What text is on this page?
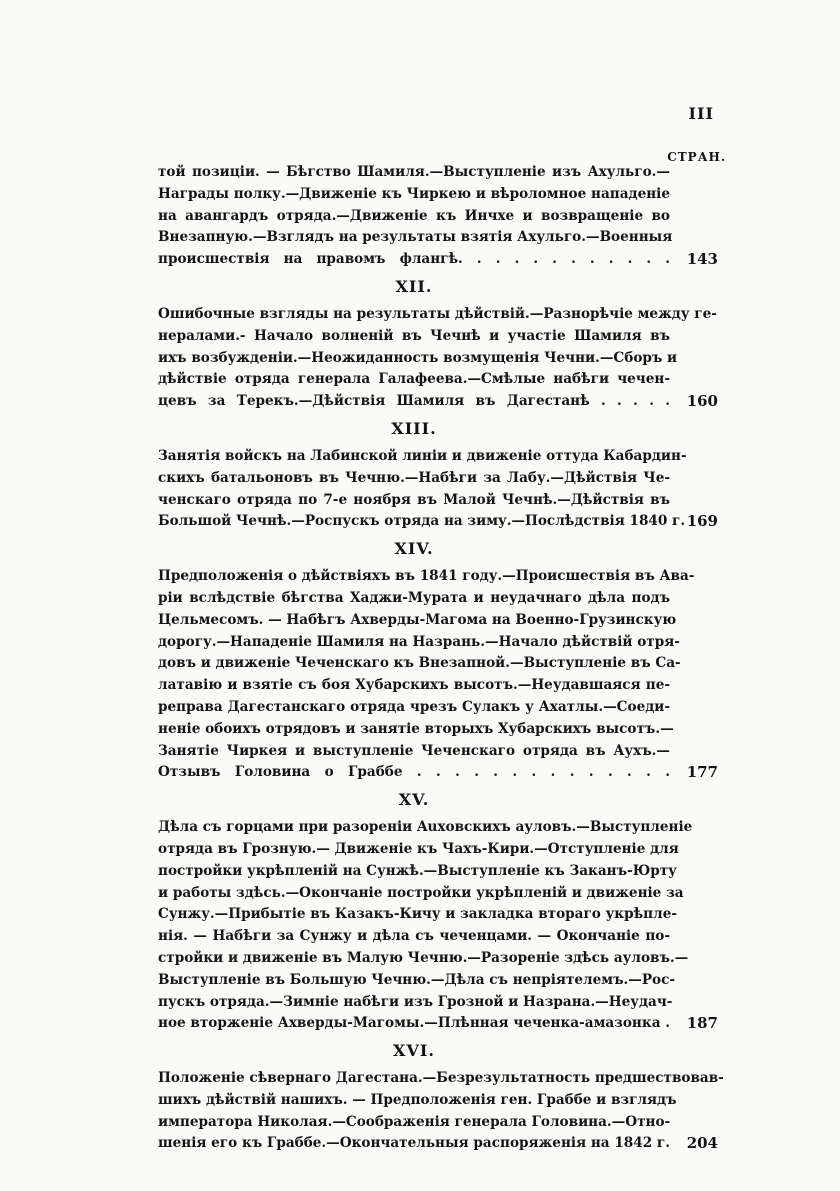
III
СТРАН.
той позиціи. — Бѣгство Шамиля.—Выступленіе изъ Ахульго.—
Награды полку.—Движеніе къ Чиркею и вѣроломное нападеніе
на авангардъ отряда.—Движеніе къ Инчхе и возвращеніе во
Внезапную.—Взглядъ на результаты взятія Ахульго.—Военныя
происшествія на правомъ флангѣ. . . . . . . . . . . . 143
XII.
Ошибочные взгляды на результаты дѣйствій.—Разнорѣчіе между ге-
нералами.- Начало волненій въ Чечнѣ и участіе Шамиля въ
ихъ возбужденіи.—Неожиданность возмущенія Чечни.—Сборъ и
дѣйствіе отряда генерала Галафеева.—Смѣлые набѣги чечен-
цевъ за Терекъ.—Дѣйствія Шамиля въ Дагестанѣ . . . . . 160
XIII.
Занятія войскъ на Лабинской линіи и движеніе оттуда Кабардин-
скихъ батальоновъ въ Чечню.—Набѣги за Лабу.—Дѣйствія Че-
ченскаго отряда по 7-е ноября въ Малой Чечнѣ.—Дѣйствія въ
Большой Чечнѣ.—Роспускъ отряда на зиму.—Послѣдствія 1840 г. 169
XIV.
Предположенія о дѣйствіяхъ въ 1841 году.—Происшествія въ Ава-
ріи вслѣдствіе бѣгства Хаджи-Мурата и неудачнаго дѣла подъ
Цельмесомъ. — Набѣгъ Ахверды-Магома на Военно-Грузинскую
дорогу.—Нападеніе Шамиля на Назрань.—Начало дѣйствій отря-
довъ и движеніе Чеченскаго къ Внезапной.—Выступленіе въ Са-
латавію и взятіе съ боя Хубарскихъ высотъ.—Неудавшаяся пе-
реправа Дагестанскаго отряда чрезъ Сулакъ у Ахатлы.—Соеди-
неніе обоихъ отрядовъ и занятіе вторыхъ Хубарскихъ высотъ.—
Занятіе Чиркея и выступленіе Чеченскаго отряда въ Аухъ.—
Отзывъ Головина о Граббе . . . . . . . . . . . . . . 177
XV.
Дѣла съ горцами при разореніи Auховскихъ ауловъ.—Выступленіе
отряда въ Грозную.— Движеніе къ Чахъ-Кири.—Отступленіе для
постройки укрѣпленій на Сунжѣ.—Выступленіе къ Заканъ-Юрту
и работы здѣсь.—Окончаніе постройки укрѣпленій и движеніе за
Сунжу.—Прибытіе въ Казакъ-Кичу и закладка втораго укрѣпле-
нія. — Набѣги за Сунжу и дѣла съ чеченцами. — Окончаніе по-
стройки и движеніе въ Малую Чечню.—Разореніе здѣсь ауловъ.—
Выступленіе въ Большую Чечню.—Дѣла съ непріятелемъ.—Рос-
пускъ отряда.—Зимніе набѣги изъ Грозной и Назрана.—Неудач-
ное вторженіе Ахверды-Магомы.—Плѣнная чеченка-амазонка . 187
XVI.
Положеніе сѣвернаго Дагестана.—Безрезультатность предшествовав-
шихъ дѣйствій нашихъ. — Предположенія ген. Граббе и взглядъ
императора Николая.—Соображенія генерала Головина.—Отно-
шенія его къ Граббе.—Окончательныя распоряженія на 1842 г. 204
